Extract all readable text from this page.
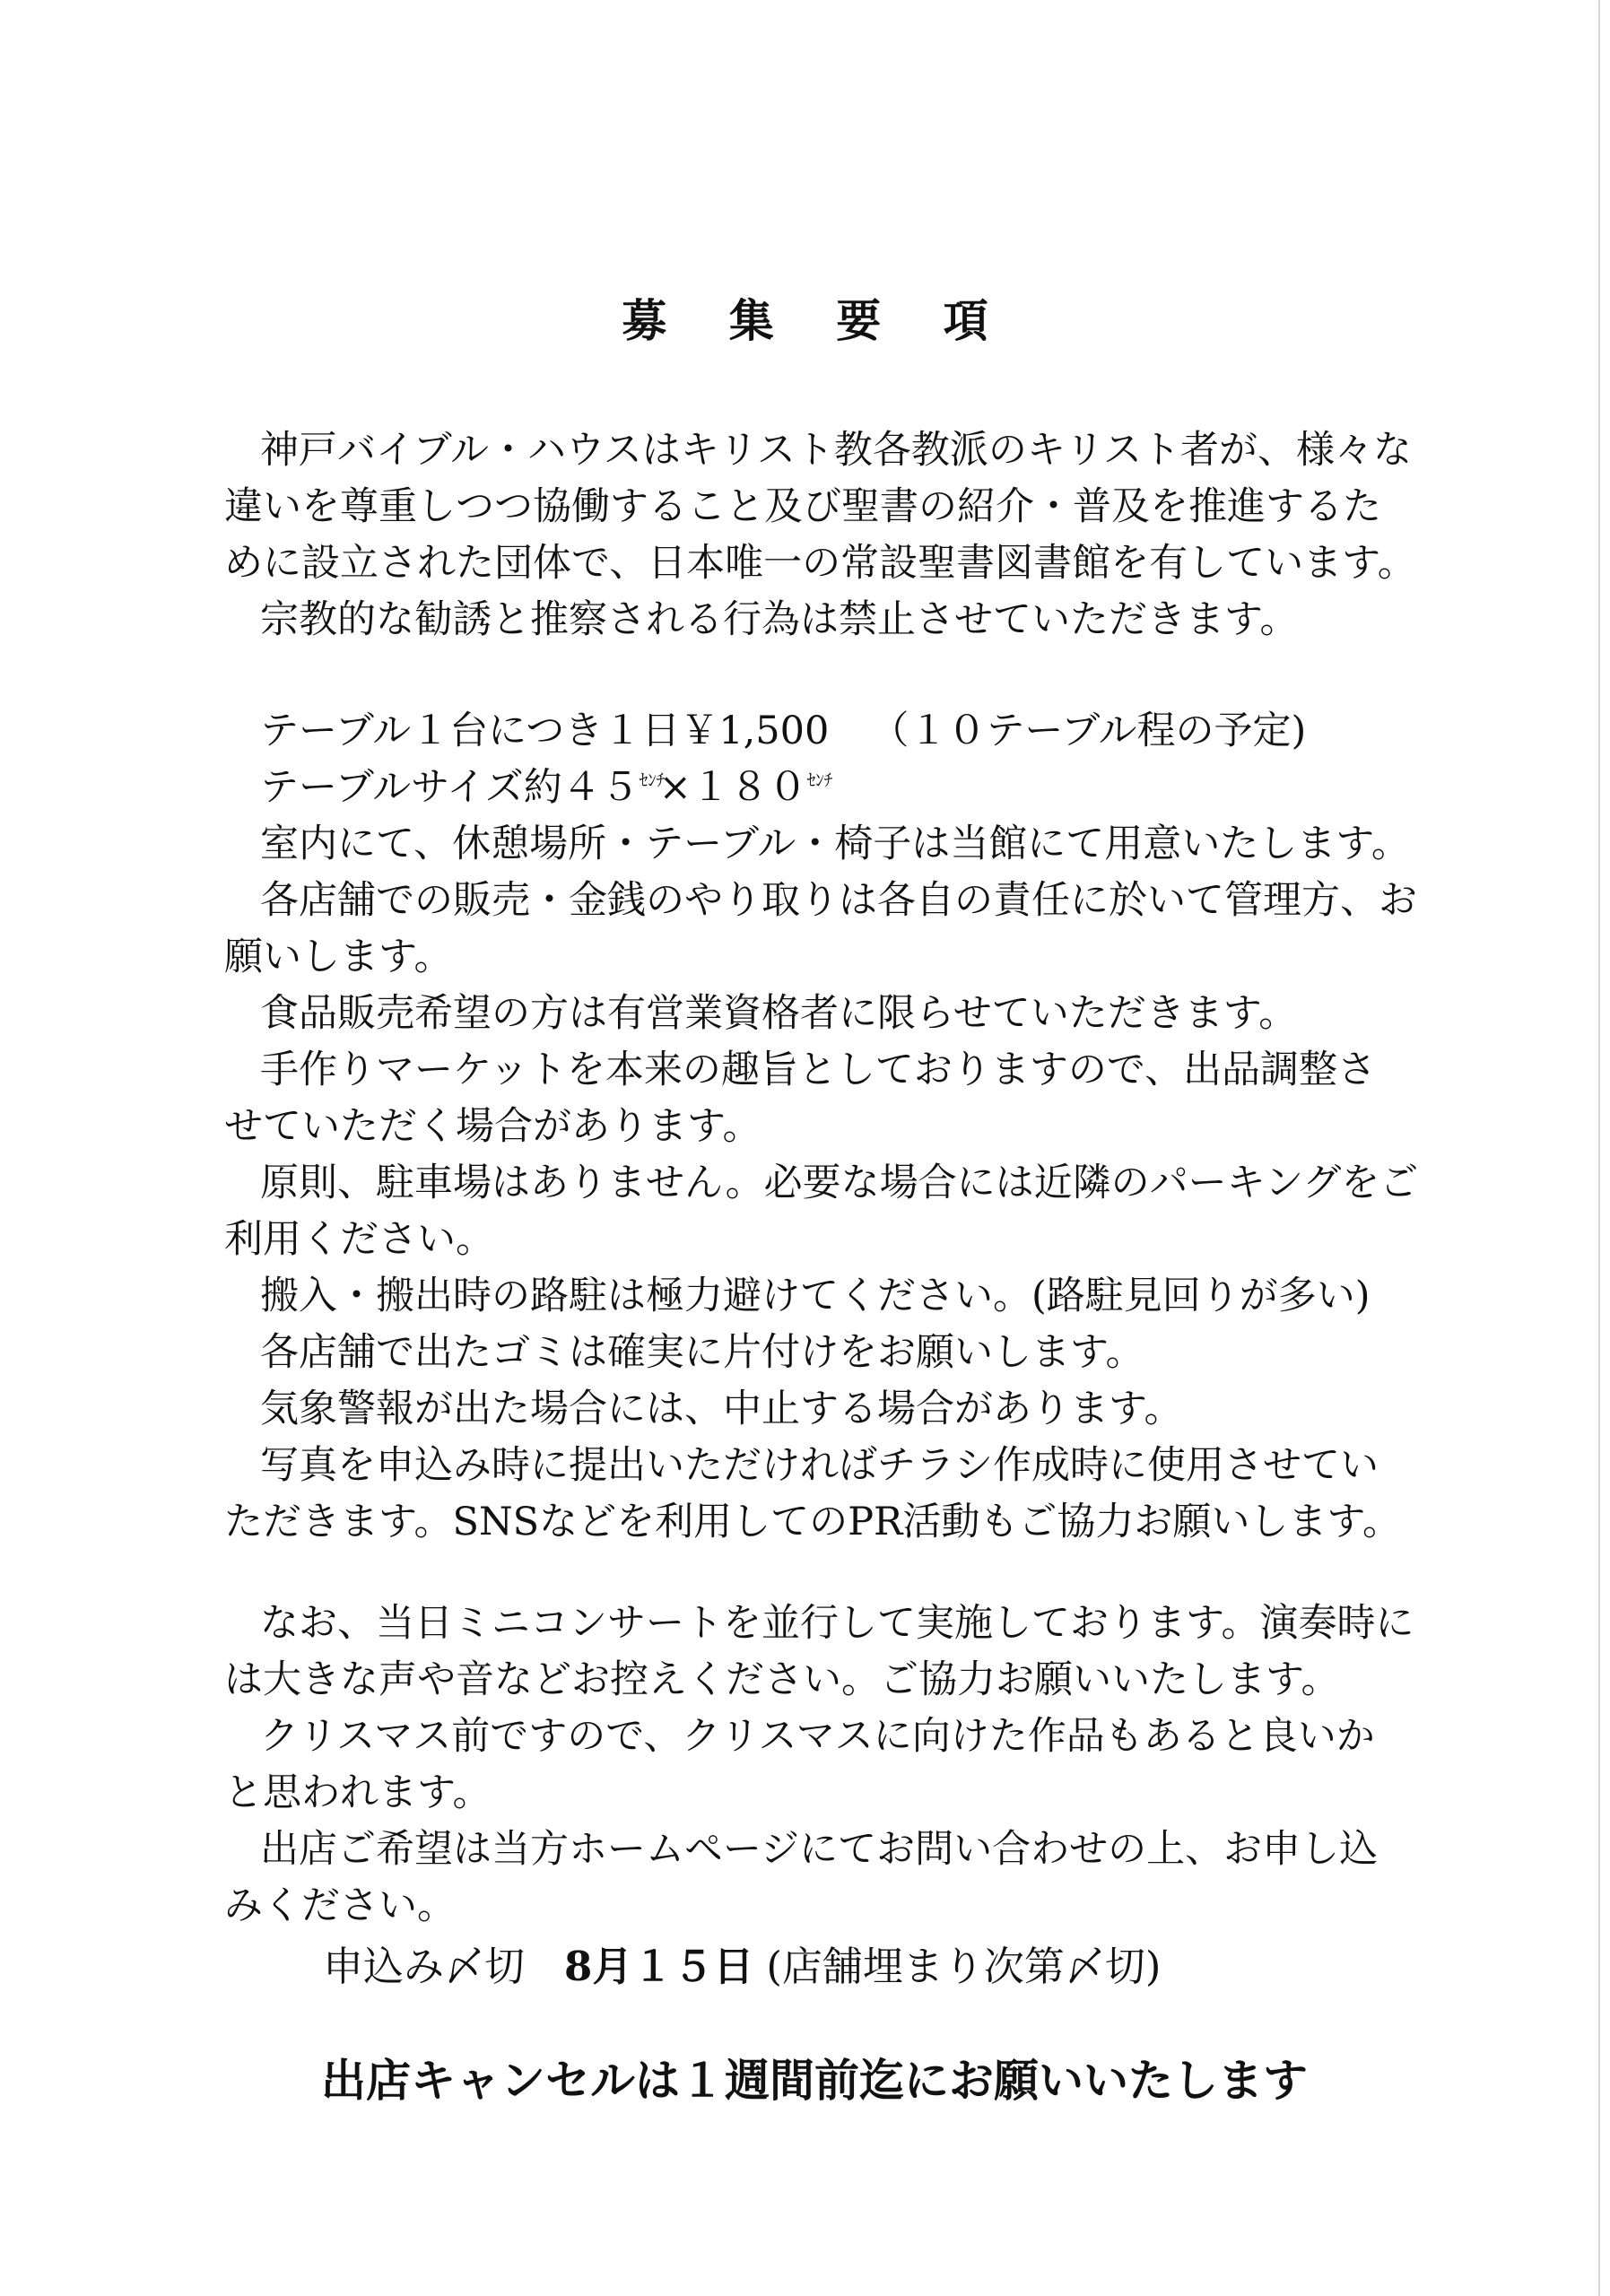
募 集 要 項
神戸バイブル・ハウスはキリスト教各教派のキリスト者が、様々な
違いを尊重しつつ協働すること及び聖書の紹介・普及を推進するた
めに設立された団体で、日本唯一の常設聖書図書館を有しています。
宗教的な勧誘と推察される行為は禁止させていただきます。
テーブル１台につき１日￥1,500 （１０テーブル程の予定)
テーブルサイズ約４５ｾﾝﾁ×１８０ｾﾝﾁ
室内にて、休憩場所・テーブル・椅子は当館にて用意いたします。
各店舗での販売・金銭のやり取りは各自の責任に於いて管理方、お
願いします。
食品販売希望の方は有営業資格者に限らせていただきます。
手作りマーケットを本来の趣旨としておりますので、出品調整さ
せていただく場合があります。
原則、駐車場はありません。必要な場合には近隣のパーキングをご
利用ください。
搬入・搬出時の路駐は極力避けてください。(路駐見回りが多い)
各店舗で出たゴミは確実に片付けをお願いします。
気象警報が出た場合には、中止する場合があります。
写真を申込み時に提出いただければチラシ作成時に使用させてい
ただきます。SNSなどを利用してのPR活動もご協力お願いします。
なお、当日ミニコンサートを並行して実施しております。演奏時に
は大きな声や音などお控えください。ご協力お願いいたします。
クリスマス前ですので、クリスマスに向けた作品もあると良いか
と思われます。
出店ご希望は当方ホームページにてお問い合わせの上、お申し込
みください。
申込み〆切 8月１５日 (店舗埋まり次第〆切)
出店キャンセルは１週間前迄にお願いいたします
